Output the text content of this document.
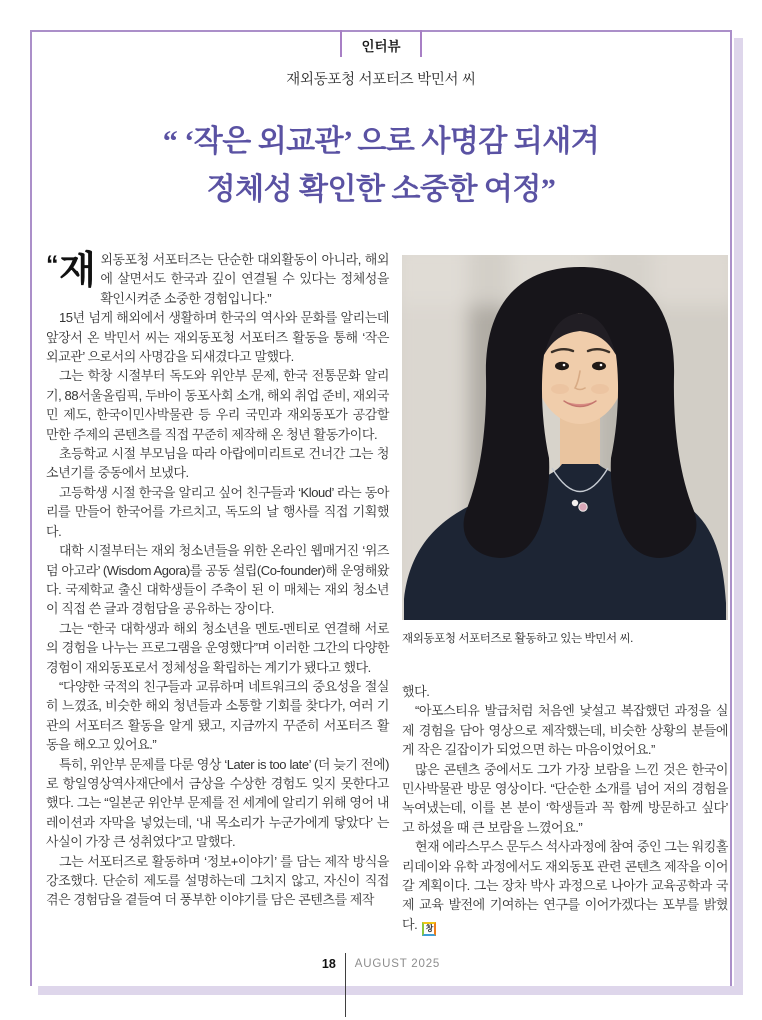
인터뷰
재외동포청 서포터즈 박민서 씨
“ ‘작은 외교관’ 으로 사명감 되새겨
정체성 확인한 소중한 여정”

“ 재 외동포청 서포터즈는 단순한 대외활동이 아니라, 해외에 살면서도 한국과 깊이 연결될 수 있다는 정체성을 확인시켜준 소중한 경험입니다.”

15년 넘게 해외에서 생활하며 한국의 역사와 문화를 알리는데 앞장서 온 박민서 씨는 재외동포청 서포터즈 활동을 통해 ‘작은 외교관’ 으로서의 사명감을 되새겼다고 말했다.

그는 학창 시절부터 독도와 위안부 문제, 한국 전통문화 알리기, 88서울올림픽, 두바이 동포사회 소개, 해외 취업 준비, 재외국민 제도, 한국이민사박물관 등 우리 국민과 재외동포가 공감할 만한 주제의 콘텐츠를 직접 꾸준히 제작해 온 청년 활동가이다.

초등학교 시절 부모님을 따라 아랍에미리트로 건너간 그는 청소년기를 중동에서 보냈다.

고등학생 시절 한국을 알리고 싶어 친구들과 ‘Kloud’ 라는 동아리를 만들어 한국어를 가르치고, 독도의 날 행사를 직접 기획했다.

대학 시절부터는 재외 청소년들을 위한 온라인 웹매거진 ‘위즈덤 아고라’ (Wisdom Agora)를 공동 설립(Co-founder)해 운영해왔다. 국제학교 출신 대학생들이 주축이 된 이 매체는 재외 청소년이 직접 쓴 글과 경험담을 공유하는 장이다.

그는 “한국 대학생과 해외 청소년을 멘토-멘티로 연결해 서로의 경험을 나누는 프로그램을 운영했다”며 이러한 그간의 다양한 경험이 재외동포로서 정체성을 확립하는 계기가 됐다고 했다.

“다양한 국적의 친구들과 교류하며 네트워크의 중요성을 절실히 느꼈죠, 비슷한 해외 청년들과 소통할 기회를 찾다가, 여러 기관의 서포터즈 활동을 알게 됐고, 지금까지 꾸준히 서포터즈 활동을 해오고 있어요.”

특히, 위안부 문제를 다룬 영상 ‘Later is too late’ (더 늦기 전에)로 항일영상역사재단에서 금상을 수상한 경험도 잊지 못한다고 했다. 그는 “일본군 위안부 문제를 전 세계에 알리기 위해 영어 내레이션과 자막을 넣었는데, ‘내 목소리가 누군가에게 닿았다’ 는 사실이 가장 큰 성취였다”고 말했다.

그는 서포터즈로 활동하며 ‘정보+이야기’ 를 담는 제작 방식을 강조했다. 단순히 제도를 설명하는데 그치지 않고, 자신이 직접 겪은 경험담을 곁들여 더 풍부한 이야기를 담은 콘텐츠를 제작

재외동포청 서포터즈로 활동하고 있는 박민서 씨.

했다.

“아포스티유 발급처럼 처음엔 낯설고 복잡했던 과정을 실제 경험을 담아 영상으로 제작했는데, 비슷한 상황의 분들에게 작은 길잡이가 되었으면 하는 마음이었어요.”

많은 콘텐츠 중에서도 그가 가장 보람을 느낀 것은 한국이민사박물관 방문 영상이다. “단순한 소개를 넘어 저의 경험을 녹여냈는데, 이를 본 분이 ‘학생들과 꼭 함께 방문하고 싶다’ 고 하셨을 때 큰 보람을 느꼈어요.”

현재 에라스무스 문두스 석사과정에 참여 중인 그는 워킹홀리데이와 유학 과정에서도 재외동포 관련 콘텐츠 제작을 이어갈 계획이다. 그는 장차 박사 과정으로 나아가 교육공학과 국제 교육 발전에 기여하는 연구를 이어가겠다는 포부를 밝혔다. 창

18 AUGUST 2025
